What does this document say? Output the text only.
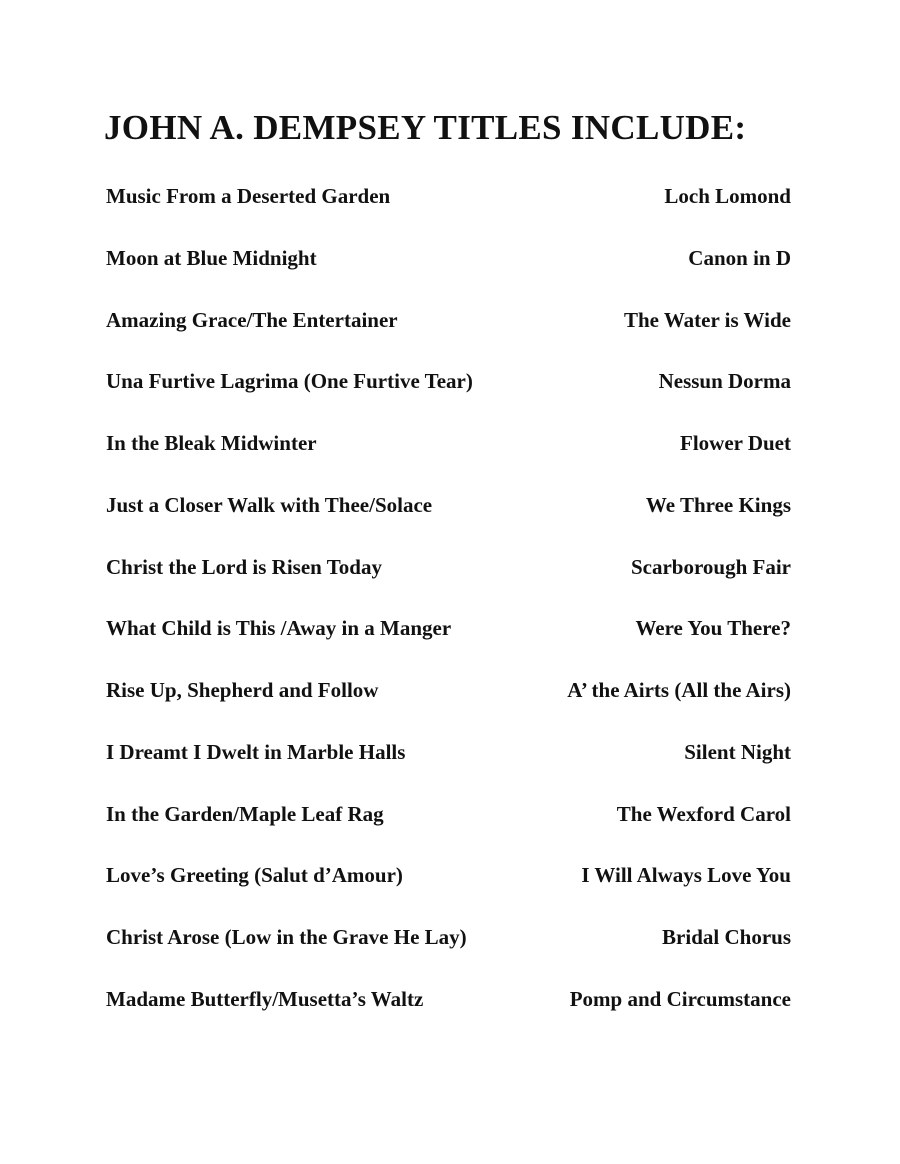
JOHN A. DEMPSEY TITLES INCLUDE:
Music From a Deserted Garden	Loch Lomond
Moon at Blue Midnight	Canon in D
Amazing Grace/The Entertainer	The Water is Wide
Una Furtive Lagrima (One Furtive Tear)	Nessun Dorma
In the Bleak Midwinter	Flower Duet
Just a Closer Walk with Thee/Solace	We Three Kings
Christ the Lord is Risen Today	Scarborough Fair
What Child is This /Away in a Manger	Were You There?
Rise Up, Shepherd and Follow	A’ the Airts (All the Airs)
I Dreamt I Dwelt in Marble Halls	Silent Night
In the Garden/Maple Leaf Rag	The Wexford Carol
Love’s Greeting (Salut d’Amour)	I Will Always Love You
Christ Arose (Low in the Grave He Lay)	Bridal Chorus
Madame Butterfly/Musetta’s Waltz	Pomp and Circumstance
